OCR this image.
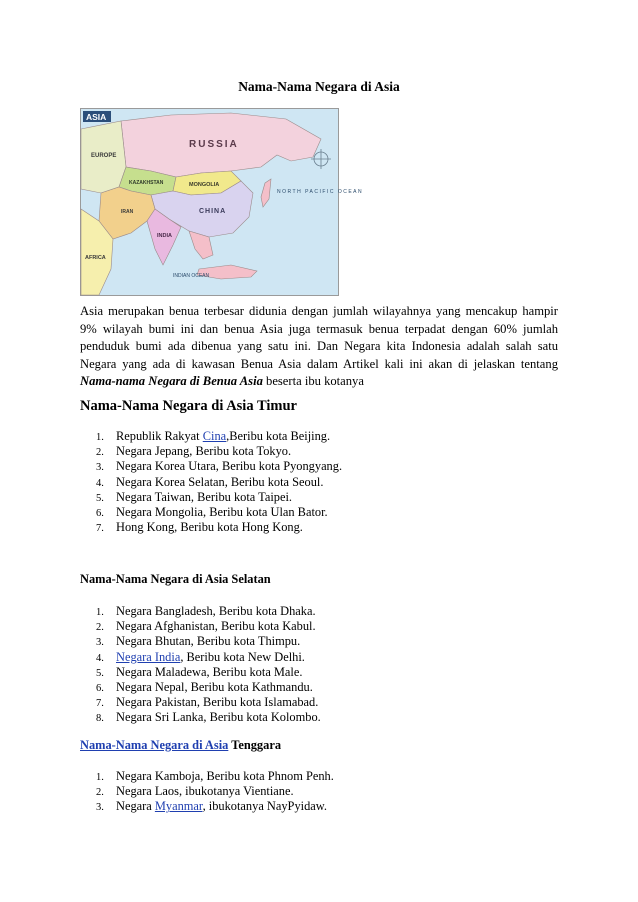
Nama-Nama Negara di Asia
ASIA
RUSSIA
EUROPE
KAZAKHSTAN	MONGOLIA
CHINA
IRAN
INDIA
AFRICA
INDIAN OCEAN
NORTH PACIFIC OCEAN
Asia merupakan benua terbesar didunia dengan jumlah wilayahnya yang mencakup hampir 9% wilayah bumi ini dan benua Asia juga termasuk benua terpadat dengan 60% jumlah penduduk bumi ada dibenua yang satu ini. Dan Negara kita Indonesia adalah salah satu Negara yang ada di kawasan Benua Asia dalam Artikel kali ini akan di jelaskan tentang Nama-nama Negara di Benua Asia beserta ibu kotanya
Nama-Nama Negara di Asia Timur
1. Republik Rakyat Cina,Beribu kota Beijing.
2. Negara Jepang, Beribu kota Tokyo.
3. Negara Korea Utara, Beribu kota Pyongyang.
4. Negara Korea Selatan, Beribu kota Seoul.
5. Negara Taiwan, Beribu kota Taipei.
6. Negara Mongolia, Beribu kota Ulan Bator.
7. Hong Kong, Beribu kota Hong Kong.
Nama-Nama Negara di Asia Selatan
1. Negara Bangladesh, Beribu kota Dhaka.
2. Negara Afghanistan, Beribu kota Kabul.
3. Negara Bhutan, Beribu kota Thimpu.
4. Negara India, Beribu kota New Delhi.
5. Negara Maladewa, Beribu kota Male.
6. Negara Nepal, Beribu kota Kathmandu.
7. Negara Pakistan, Beribu kota Islamabad.
8. Negara Sri Lanka, Beribu kota Kolombo.
Nama-Nama Negara di Asia Tenggara
1. Negara Kamboja, Beribu kota Phnom Penh.
2. Negara Laos, ibukotanya Vientiane.
3. Negara Myanmar, ibukotanya NayPyidaw.
